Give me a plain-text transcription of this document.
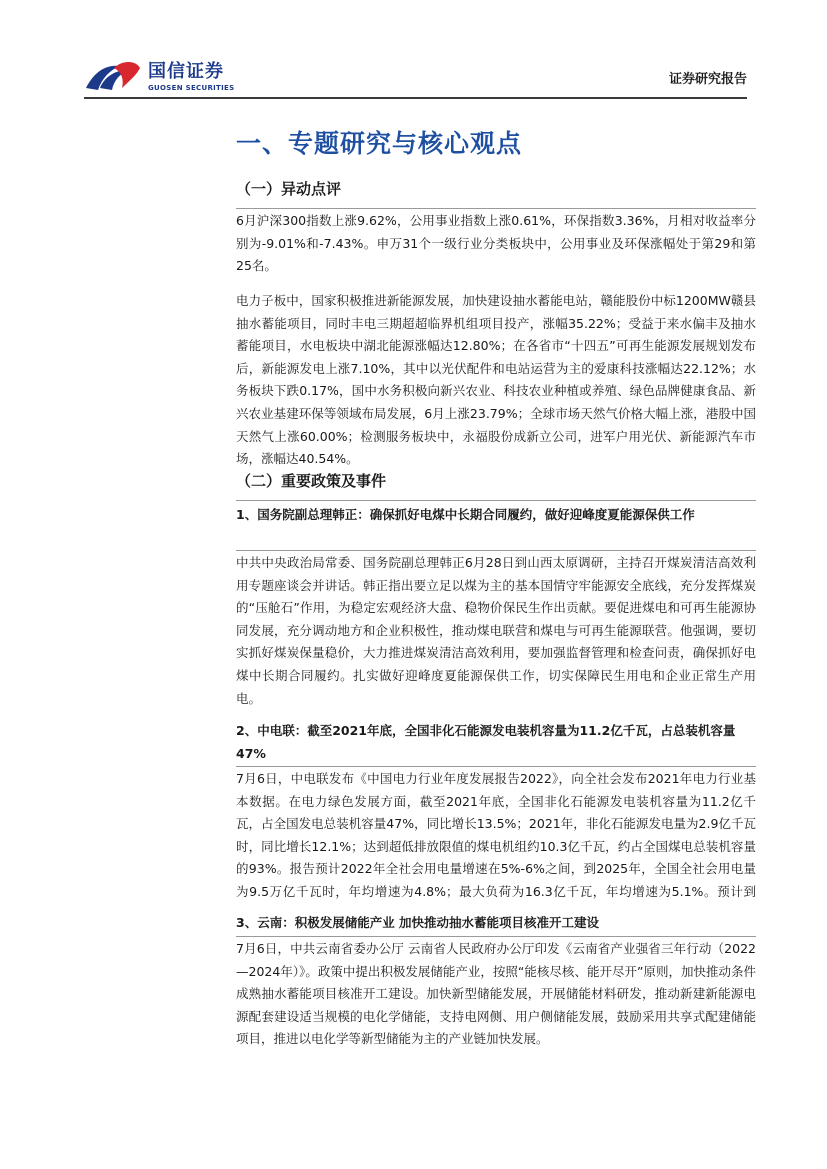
国信证券
GUOSEN SECURITIES
证券研究报告
一、专题研究与核心观点
（一）异动点评

6月沪深300指数上涨9.62%，公用事业指数上涨0.61%，环保指数3.36%，月相对收益率分别为-9.01%和-7.43%。申万31个一级行业分类板块中，公用事业及环保涨幅处于第29和第25名。

电力子板中，国家积极推进新能源发展，加快建设抽水蓄能电站，赣能股份中标1200MW赣县抽水蓄能项目，同时丰电三期超超临界机组项目投产，涨幅35.22%；受益于来水偏丰及抽水蓄能项目，水电板块中湖北能源涨幅达12.80%；在各省市“十四五”可再生能源发展规划发布后，新能源发电上涨7.10%，其中以光伏配件和电站运营为主的爱康科技涨幅达22.12%；水务板块下跌0.17%，国中水务积极向新兴农业、科技农业种植或养殖、绿色品牌健康食品、新兴农业基建环保等领域布局发展，6月上涨23.79%；全球市场天然气价格大幅上涨，港股中国天然气上涨60.00%；检测服务板块中，永福股份成新立公司，进军户用光伏、新能源汽车市场，涨幅达40.54%。

（二）重要政策及事件

1、国务院副总理韩正：确保抓好电煤中长期合同履约，做好迎峰度夏能源保供工作

中共中央政治局常委、国务院副总理韩正6月28日到山西太原调研，主持召开煤炭清洁高效利用专题座谈会并讲话。韩正指出要立足以煤为主的基本国情守牢能源安全底线，充分发挥煤炭的“压舱石”作用，为稳定宏观经济大盘、稳物价保民生作出贡献。要促进煤电和可再生能源协同发展，充分调动地方和企业积极性，推动煤电联营和煤电与可再生能源联营。他强调，要切实抓好煤炭保量稳价，大力推进煤炭清洁高效利用，要加强监督管理和检查问责，确保抓好电煤中长期合同履约。扎实做好迎峰度夏能源保供工作，切实保障民生用电和企业正常生产用电。

2、中电联：截至2021年底，全国非化石能源发电装机容量为11.2亿千瓦，占总装机容量47%

7月6日，中电联发布《中国电力行业年度发展报告2022》，向全社会发布2021年电力行业基本数据。在电力绿色发展方面，截至2021年底，全国非化石能源发电装机容量为11.2亿千瓦，占全国发电总装机容量47%，同比增长13.5%；2021年，非化石能源发电量为2.9亿千瓦时，同比增长12.1%；达到超低排放限值的煤电机组约10.3亿千瓦，约占全国煤电总装机容量的93%。报告预计2022年全社会用电量增速在5%-6%之间，到2025年，全国全社会用电量为9.5万亿千瓦时，年均增速为4.8%；最大负荷为16.3亿千瓦，年均增速为5.1%。预计到

3、云南：积极发展储能产业 加快推动抽水蓄能项目核准开工建设

7月6日，中共云南省委办公厅 云南省人民政府办公厅印发《云南省产业强省三年行动（2022—2024年）》。政策中提出积极发展储能产业，按照“能核尽核、能开尽开”原则，加快推动条件成熟抽水蓄能项目核准开工建设。加快新型储能发展，开展储能材料研发，推动新建新能源电源配套建设适当规模的电化学储能，支持电网侧、用户侧储能发展，鼓励采用共享式配建储能项目，推进以电化学等新型储能为主的产业链加快发展。
